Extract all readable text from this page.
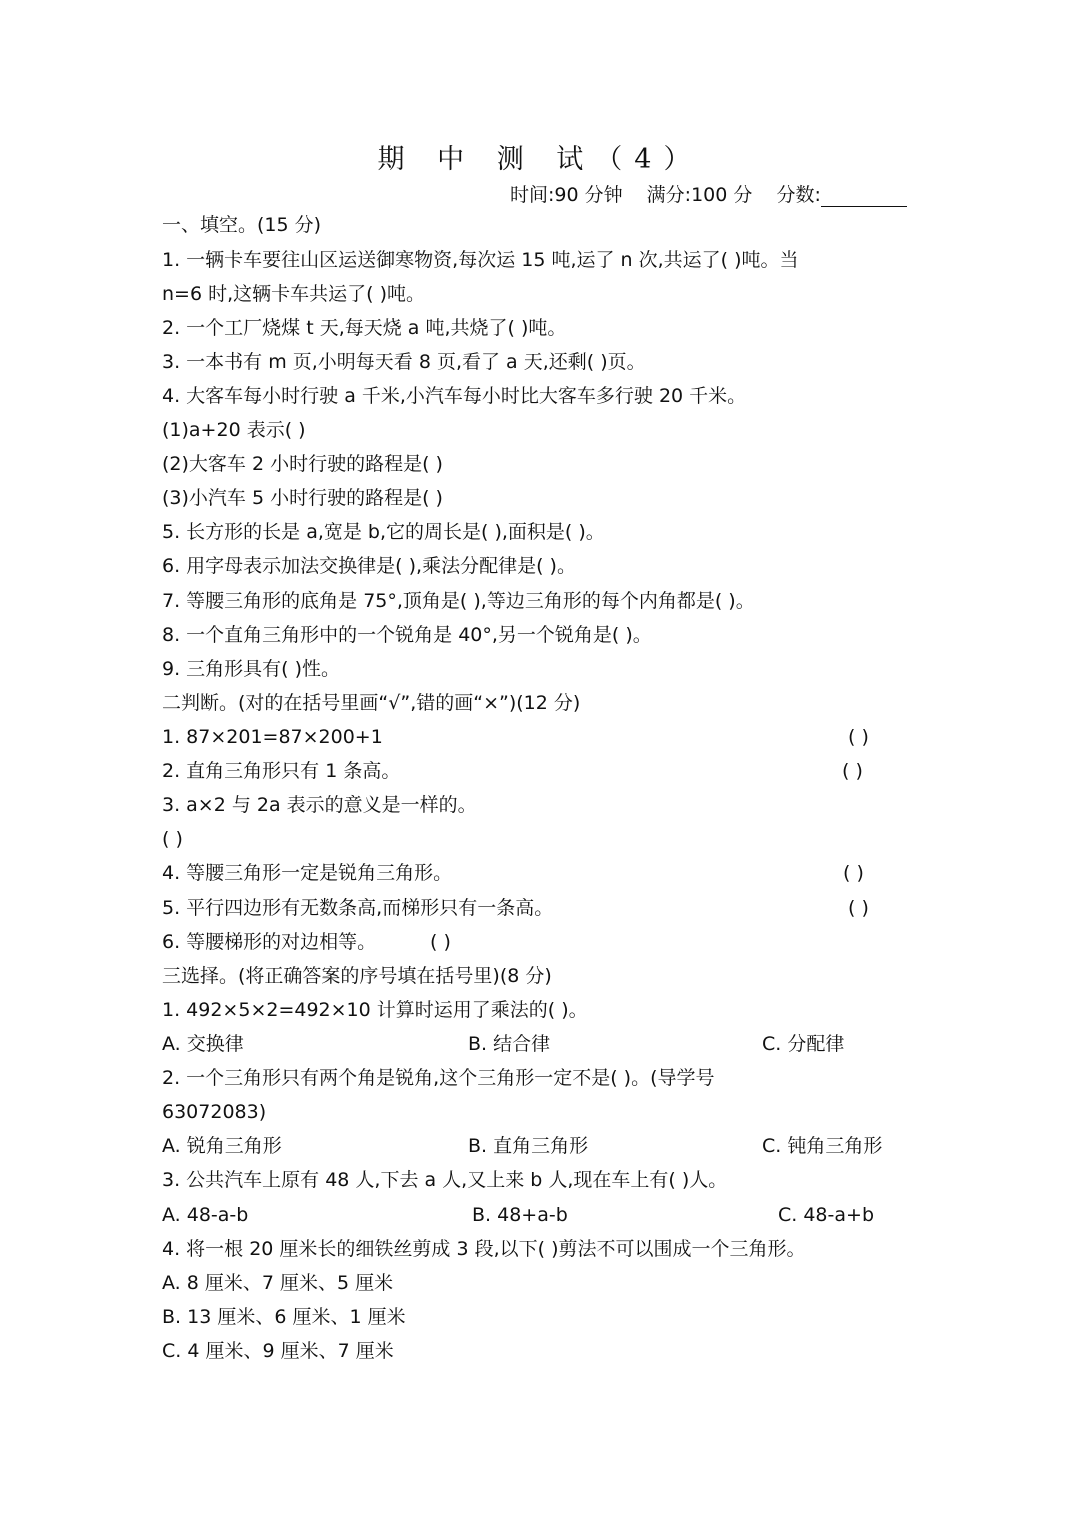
期 中 测 试（4）
时间:90 分钟 满分:100 分 分数:
一、填空。(15 分)
1. 一辆卡车要往山区运送御寒物资,每次运 15 吨,运了 n 次,共运了( )吨。当
n=6 时,这辆卡车共运了( )吨。
2. 一个工厂烧煤 t 天,每天烧 a 吨,共烧了( )吨。
3. 一本书有 m 页,小明每天看 8 页,看了 a 天,还剩( )页。
4. 大客车每小时行驶 a 千米,小汽车每小时比大客车多行驶 20 千米。
(1)a+20 表示( )
(2)大客车 2 小时行驶的路程是( )
(3)小汽车 5 小时行驶的路程是( )
5. 长方形的长是 a,宽是 b,它的周长是( ),面积是( )。
6. 用字母表示加法交换律是( ),乘法分配律是( )。
7. 等腰三角形的底角是 75°,顶角是( ),等边三角形的每个内角都是( )。
8. 一个直角三角形中的一个锐角是 40°,另一个锐角是( )。
9. 三角形具有( )性。
二判断。(对的在括号里画“√”,错的画“×”)(12 分)
1. 87×201=87×200+1	( )
2. 直角三角形只有 1 条高。	( )
3. a×2 与 2a 表示的意义是一样的。
( )
4. 等腰三角形一定是锐角三角形。	( )
5. 平行四边形有无数条高,而梯形只有一条高。	( )
6. 等腰梯形的对边相等。	( )
三选择。(将正确答案的序号填在括号里)(8 分)
1. 492×5×2=492×10 计算时运用了乘法的( )。
A. 交换律	B. 结合律	C. 分配律
2. 一个三角形只有两个角是锐角,这个三角形一定不是( )。(导学号
63072083)
A. 锐角三角形	B. 直角三角形	C. 钝角三角形
3. 公共汽车上原有 48 人,下去 a 人,又上来 b 人,现在车上有( )人。
A. 48-a-b	B. 48+a-b	C. 48-a+b
4. 将一根 20 厘米长的细铁丝剪成 3 段,以下( )剪法不可以围成一个三角形。
A. 8 厘米、7 厘米、5 厘米
B. 13 厘米、6 厘米、1 厘米
C. 4 厘米、9 厘米、7 厘米
